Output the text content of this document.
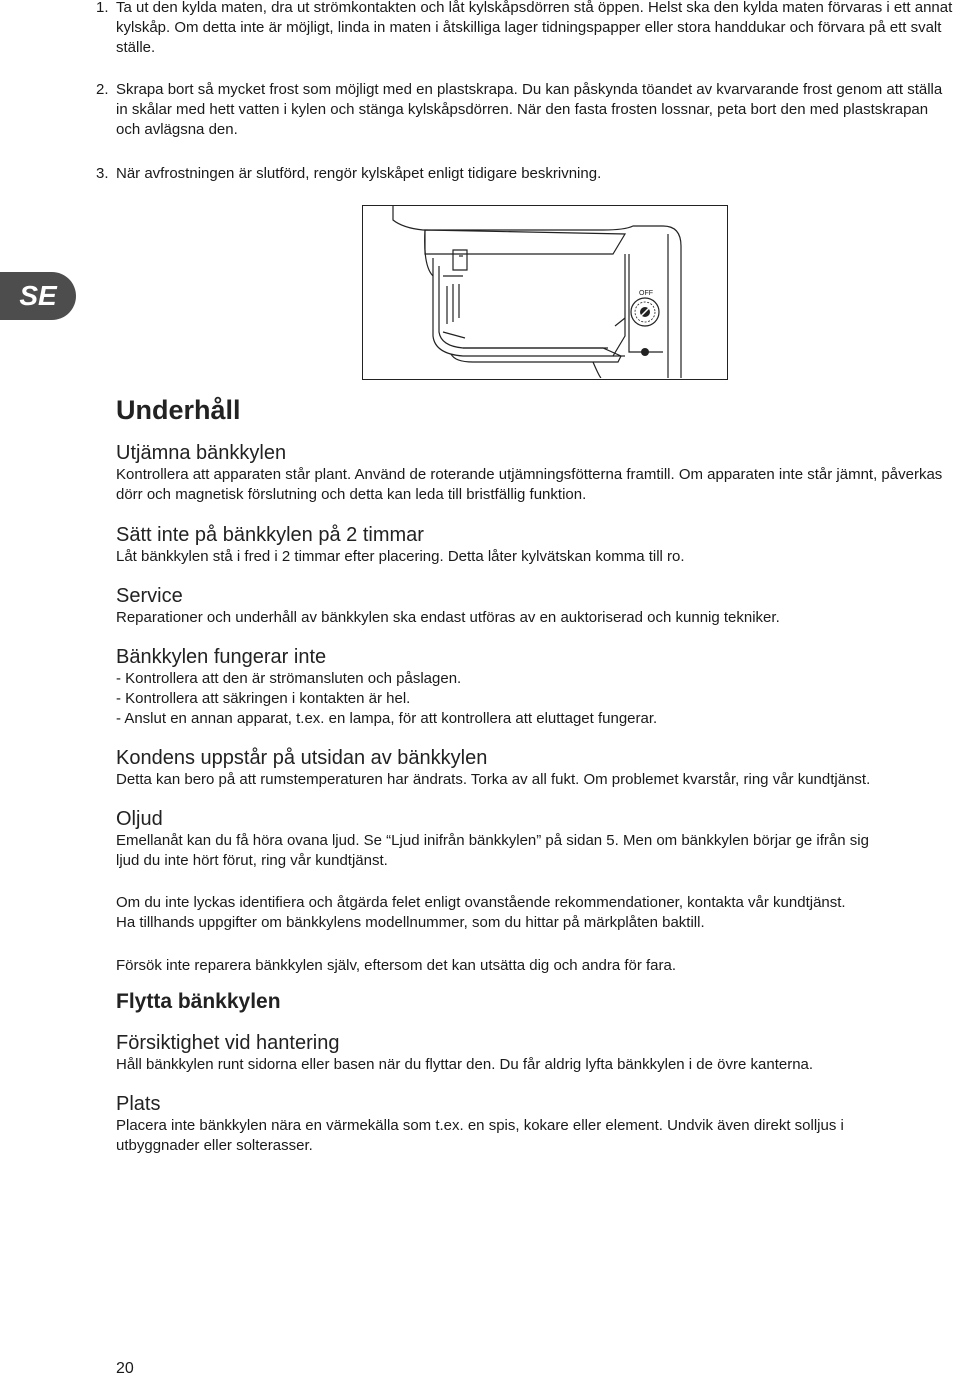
1. Ta ut den kylda maten, dra ut strömkontakten och låt kylskåpsdörren stå öppen. Helst ska den kylda maten förvaras i ett annat kylskåp. Om detta inte är möjligt, linda in maten i åtskilliga lager tidningspapper eller stora handdukar och förvara på ett svalt ställe.

2. Skrapa bort så mycket frost som möjligt med en plastskrapa. Du kan påskynda töandet av kvarvarande frost genom att ställa in skålar med hett vatten i kylen och stänga kylskåpsdörren. När den fasta frosten lossnar, peta bort den med plastskrapan och avlägsna den.

3. När avfrostningen är slutförd, rengör kylskåpet enligt tidigare beskrivning.

SE	OFF
Underhåll
Utjämna bänkkylen

Kontrollera att apparaten står plant. Använd de roterande utjämningsfötterna framtill. Om apparaten inte står jämnt, påverkas dörr och magnetisk förslutning och detta kan leda till bristfällig funktion.

Sätt inte på bänkkylen på 2 timmar

Låt bänkkylen stå i fred i 2 timmar efter placering. Detta låter kylvätskan komma till ro.

Service

Reparationer och underhåll av bänkkylen ska endast utföras av en auktoriserad och kunnig tekniker.

Bänkkylen fungerar inte

- Kontrollera att den är strömansluten och påslagen.

- Kontrollera att säkringen i kontakten är hel.

- Anslut en annan apparat, t.ex. en lampa, för att kontrollera att eluttaget fungerar.

Kondens uppstår på utsidan av bänkkylen

Detta kan bero på att rumstemperaturen har ändrats. Torka av all fukt. Om problemet kvarstår, ring vår kundtjänst.

Oljud

Emellanåt kan du få höra ovana ljud. Se “Ljud inifrån bänkkylen” på sidan 5. Men om bänkkylen börjar ge ifrån sig ljud du inte hört förut, ring vår kundtjänst.

Om du inte lyckas identifiera och åtgärda felet enligt ovanstående rekommendationer, kontakta vår kundtjänst. Ha tillhands uppgifter om bänkkylens modellnummer, som du hittar på märkplåten baktill.

Försök inte reparera bänkkylen själv, eftersom det kan utsätta dig och andra för fara.

Flytta bänkkylen
Försiktighet vid hantering

Håll bänkkylen runt sidorna eller basen när du flyttar den. Du får aldrig lyfta bänkkylen i de övre kanterna.

Plats

Placera inte bänkkylen nära en värmekälla som t.ex. en spis, kokare eller element. Undvik även direkt solljus i utbyggnader eller solterasser.

20
